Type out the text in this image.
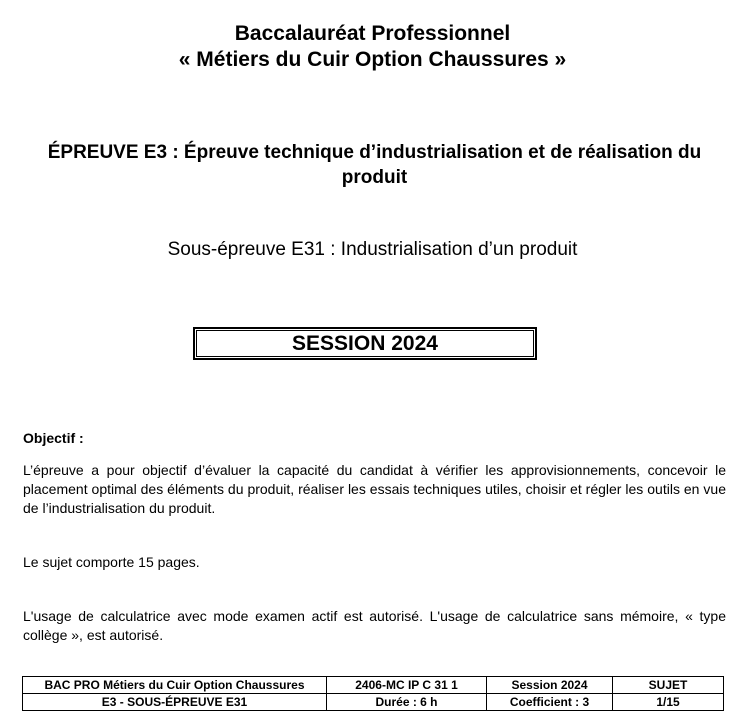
Baccalauréat Professionnel
« Métiers du Cuir Option Chaussures »
ÉPREUVE E3 : Épreuve technique d’industrialisation et de réalisation du produit

Sous-épreuve E31 : Industrialisation d’un produit

SESSION 2024

Objectif :

L’épreuve a pour objectif d’évaluer la capacité du candidat à vérifier les approvisionnements, concevoir le placement optimal des éléments du produit, réaliser les essais techniques utiles, choisir et régler les outils en vue de l’industrialisation du produit.

Le sujet comporte 15 pages.

L'usage de calculatrice avec mode examen actif est autorisé. L'usage de calculatrice sans mémoire, « type collège », est autorisé.

BAC PRO Métiers du Cuir Option Chaussures	2406-MC IP C 31 1	Session 2024	SUJET
E3 - SOUS-ÉPREUVE E31	Durée : 6 h	Coefficient : 3	1/15
